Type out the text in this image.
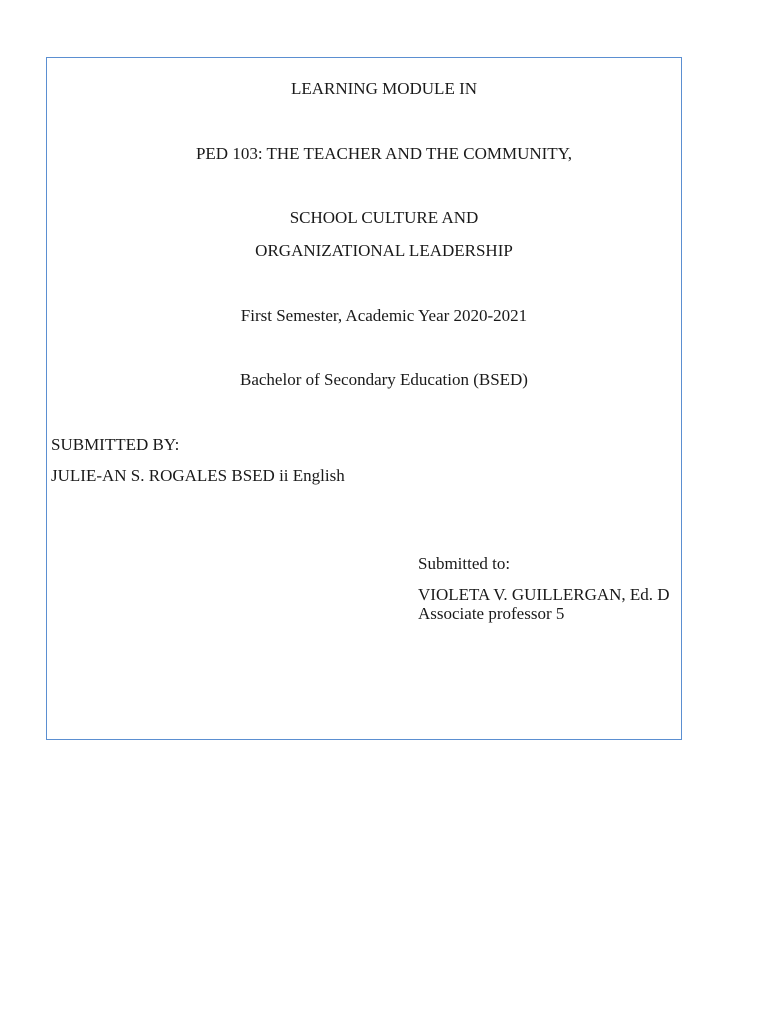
LEARNING MODULE IN
PED 103: THE TEACHER AND THE COMMUNITY,
SCHOOL CULTURE AND
ORGANIZATIONAL LEADERSHIP
First Semester, Academic Year 2020-2021
Bachelor of Secondary Education (BSED)
SUBMITTED BY:
JULIE-AN S. ROGALES BSED ii English
Submitted to:
VIOLETA V. GUILLERGAN, Ed. D
Associate professor 5
